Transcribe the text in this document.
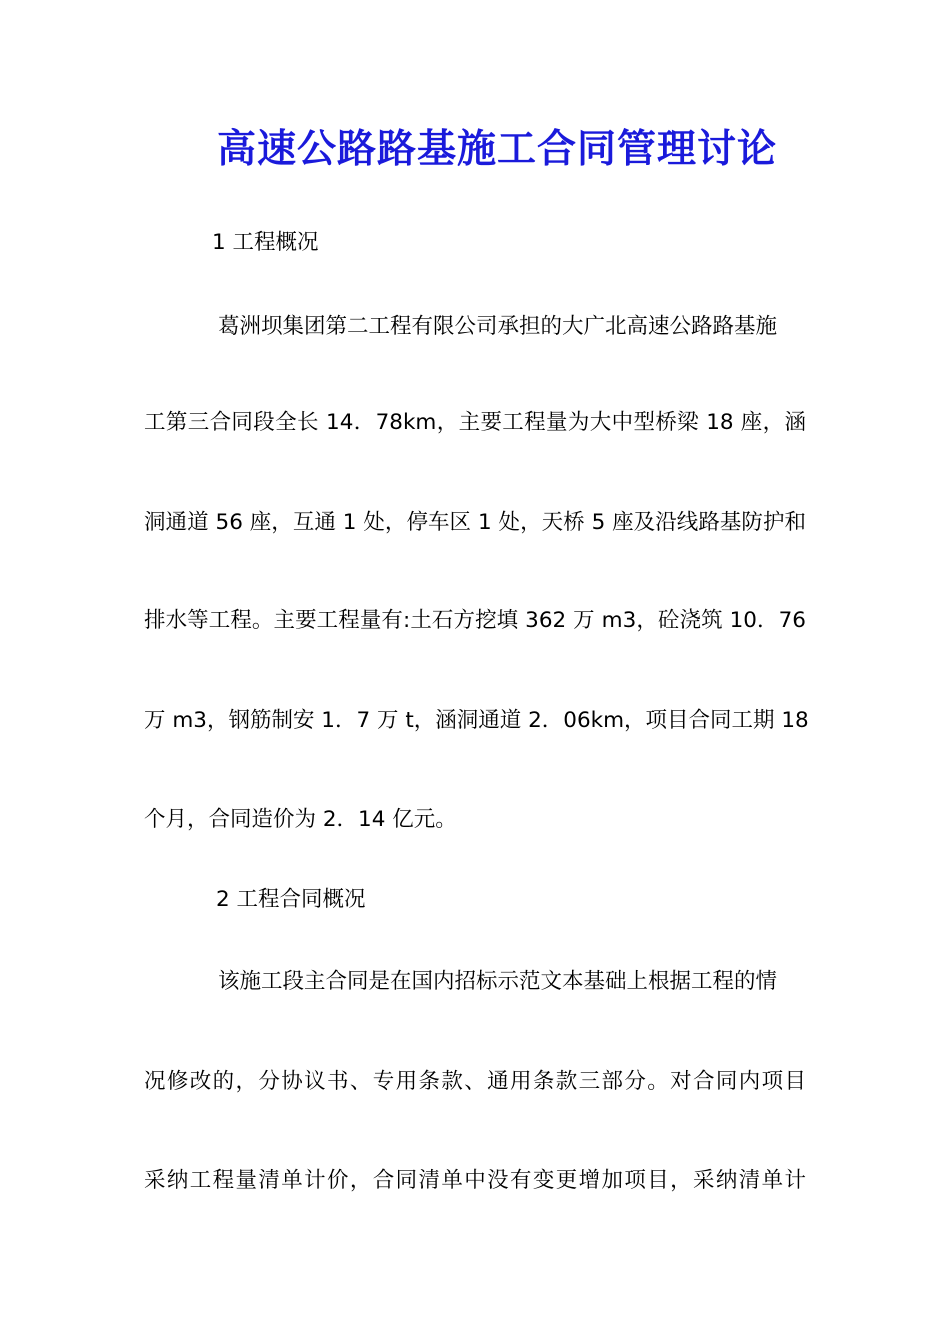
高速公路路基施工合同管理讨论
1 工程概况
葛洲坝集团第二工程有限公司承担的大广北高速公路路基施
工第三合同段全长 14．78km，主要工程量为大中型桥梁 18 座，涵
洞通道 56 座，互通 1 处，停车区 1 处，天桥 5 座及沿线路基防护和
排水等工程。主要工程量有:土石方挖填 362 万 m3，砼浇筑 10．76
万 m3，钢筋制安 1．7 万 t，涵洞通道 2．06km，项目合同工期 18
个月，合同造价为 2．14 亿元。
2 工程合同概况
该施工段主合同是在国内招标示范文本基础上根据工程的情
况修改的，分协议书、专用条款、通用条款三部分。对合同内项目
采纳工程量清单计价，合同清单中没有变更增加项目，采纳清单计
